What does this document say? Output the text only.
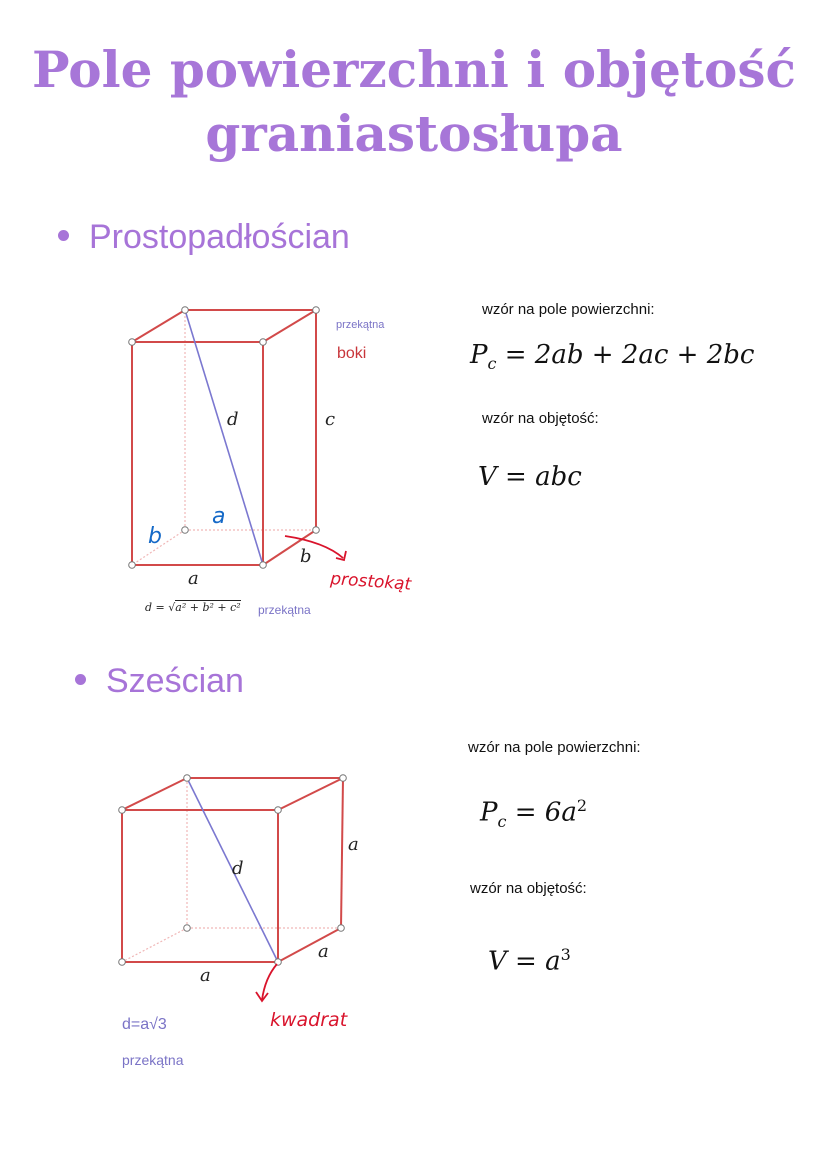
Pole powierzchni i objętość
graniastosłupa
Prostopadłościan
d	c
a
b
a
b
prostokąt
przekątna
boki
d = √a² + b² + c² przekątna
wzór na pole powierzchni:
$P_c = 2ab + 2ac + 2bc$
wzór na objętość:
V = abc
Sześcian
d
a
a
a
kwadrat
d=a√3
przekątna
wzór na pole powierzchni:
$P_c = 6a^2$
wzór na objętość:
$V = a^3$
